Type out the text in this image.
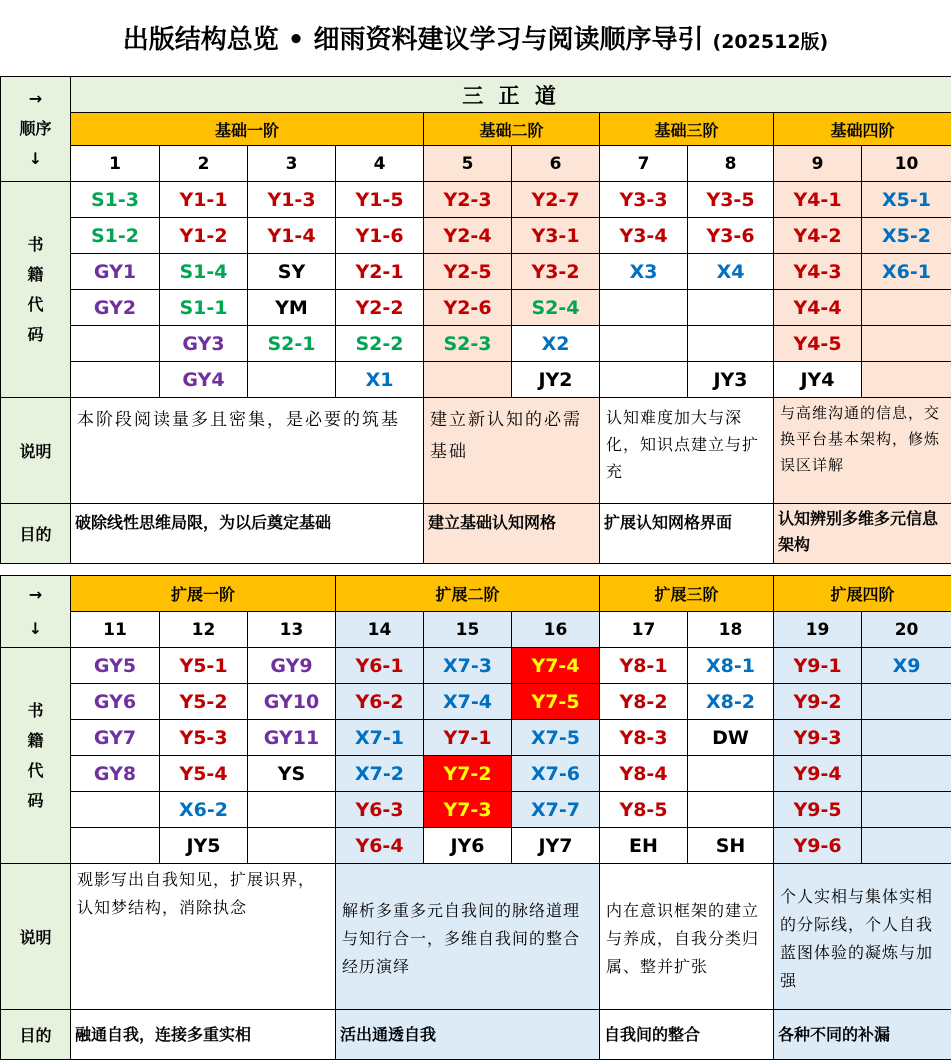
出版结构总览 • 细雨资料建议学习与阅读顺序导引 (202512版)
→
顺序
↓	三 正 道									
	基础一阶				基础二阶		基础三阶		基础四阶	
	1	2	3	4	5	6	7	8	9	10
书
籍
代
码	S1-3	Y1-1	Y1-3	Y1-5	Y2-3	Y2-7	Y3-3	Y3-5	Y4-1	X5-1
	S1-2	Y1-2	Y1-4	Y1-6	Y2-4	Y3-1	Y3-4	Y3-6	Y4-2	X5-2
	GY1	S1-4	SY	Y2-1	Y2-5	Y3-2	X3	X4	Y4-3	X6-1
	GY2	S1-1	YM	Y2-2	Y2-6	S2-4			Y4-4	
		GY3	S2-1	S2-2	S2-3	X2			Y4-5	
		GY4		X1		JY2		JY3	JY4	
说明	本阶段阅读量多且密集，是必要的筑基				建立新认知的必需基础		认知难度加大与深化，知识点建立与扩充		与高维沟通的信息，交换平台基本架构，修炼误区详解	
目的	破除线性思维局限，为以后奠定基础				建立基础认知网格		扩展认知网格界面		认知辨别多维多元信息架构	
→
↓	扩展一阶			扩展二阶			扩展三阶		扩展四阶	
	11	12	13	14	15	16	17	18	19	20
书
籍
代
码	GY5	Y5-1	GY9	Y6-1	X7-3	Y7-4	Y8-1	X8-1	Y9-1	X9
	GY6	Y5-2	GY10	Y6-2	X7-4	Y7-5	Y8-2	X8-2	Y9-2	
	GY7	Y5-3	GY11	X7-1	Y7-1	X7-5	Y8-3	DW	Y9-3	
	GY8	Y5-4	YS	X7-2	Y7-2	X7-6	Y8-4		Y9-4	
		X6-2		Y6-3	Y7-3	X7-7	Y8-5		Y9-5	
		JY5		Y6-4	JY6	JY7	EH	SH	Y9-6	
说明	观影写出自我知见，扩展识界，认知梦结构，消除执念			解析多重多元自我间的脉络道理与知行合一，多维自我间的整合经历演绎			内在意识框架的建立与养成，自我分类归属、整并扩张		个人实相与集体实相的分际线，个人自我蓝图体验的凝炼与加强	
目的	融通自我，连接多重实相			活出通透自我			自我间的整合		各种不同的补漏	
